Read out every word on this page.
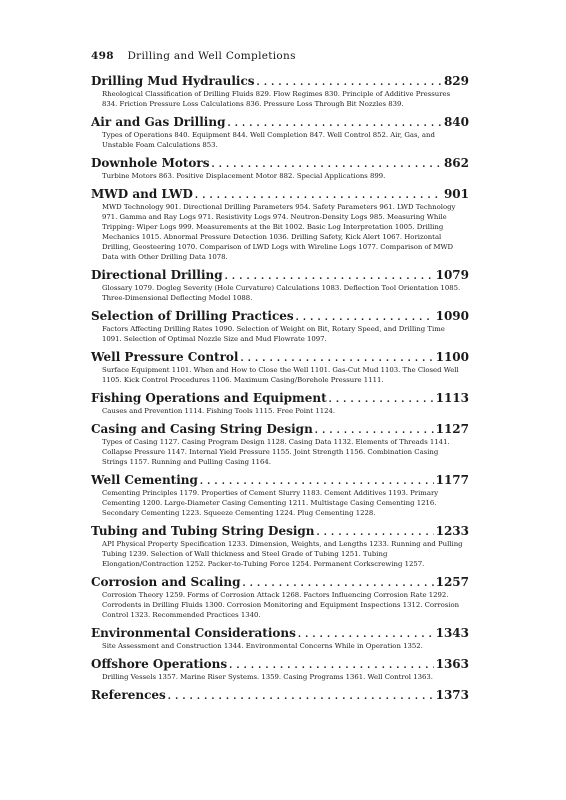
498 Drilling and Well Completions
Drilling Mud Hydraulics . . .	829
Rheological Classification of Drilling Fluids 829. Flow Regimes 830. Principle of Additive Pressures 834. Friction Pressure Loss Calculations 836. Pressure Loss Through Bit Nozzles 839.
Air and Gas Drilling . . .	840
Types of Operations 840. Equipment 844. Well Completion 847. Well Control 852. Air, Gas, and Unstable Foam Calculations 853.
Downhole Motors . . .	862
Turbine Motors 863. Positive Displacement Motor 882. Special Applications 899.
MWD and LWD . . .	901
MWD Technology 901. Directional Drilling Parameters 954. Safety Parameters 961. LWD Technology 971. Gamma and Ray Logs 971. Resistivity Logs 974. Neutron-Density Logs 985. Measuring While Tripping: Wiper Logs 999. Measurements at the Bit 1002. Basic Log Interpretation 1005. Drilling Mechanics 1015. Abnormal Pressure Detection 1036. Drilling Safety, Kick Alert 1067. Horizontal Drilling, Geosteering 1070. Comparison of LWD Logs with Wireline Logs 1077. Comparison of MWD Data with Other Drilling Data 1078.
Directional Drilling . . .	1079
Glossary 1079. Dogleg Severity (Hole Curvature) Calculations 1083. Deflection Tool Orientation 1085. Three-Dimensional Deflecting Model 1088.
Selection of Drilling Practices . . .	1090
Factors Affecting Drilling Rates 1090. Selection of Weight on Bit, Rotary Speed, and Drilling Time 1091. Selection of Optimal Nozzle Size and Mud Flowrate 1097.
Well Pressure Control . . .	1100
Surface Equipment 1101. When and How to Close the Well 1101. Gas-Cut Mud 1103. The Closed Well 1105. Kick Control Procedures 1106. Maximum Casing/Borehole Pressure 1111.
Fishing Operations and Equipment . . .	1113
Causes and Prevention 1114. Fishing Tools 1115. Free Point 1124.
Casing and Casing String Design . . .	1127
Types of Casing 1127. Casing Program Design 1128. Casing Data 1132. Elements of Threads 1141. Collapse Pressure 1147. Internal Yield Pressure 1155. Joint Strength 1156. Combination Casing Strings 1157. Running and Pulling Casing 1164.
Well Cementing . . .	1177
Cementing Principles 1179. Properties of Cement Slurry 1183. Cement Additives 1193. Primary Cementing 1200. Large-Diameter Casing Cementing 1211. Multistage Casing Cementing 1216. Secondary Cementing 1223. Squeeze Cementing 1224. Plug Cementing 1228.
Tubing and Tubing String Design . . .	1233
API Physical Property Specification 1233. Dimension, Weights, and Lengths 1233. Running and Pulling Tubing 1239. Selection of Wall thickness and Steel Grade of Tubing 1251. Tubing Elongation/Contraction 1252. Packer-to-Tubing Force 1254. Permanent Corkscrewing 1257.
Corrosion and Scaling . . .	1257
Corrosion Theory 1259. Forms of Corrosion Attack 1268. Factors Influencing Corrosion Rate 1292. Corrodents in Drilling Fluids 1300. Corrosion Monitoring and Equipment Inspections 1312. Corrosion Control 1323. Recommended Practices 1340.
Environmental Considerations . . .	1343
Site Assessment and Construction 1344. Environmental Concerns While in Operation 1352.
Offshore Operations . . .	1363
Drilling Vessels 1357. Marine Riser Systems. 1359. Casing Programs 1361. Well Control 1363.
References . . .	1373
